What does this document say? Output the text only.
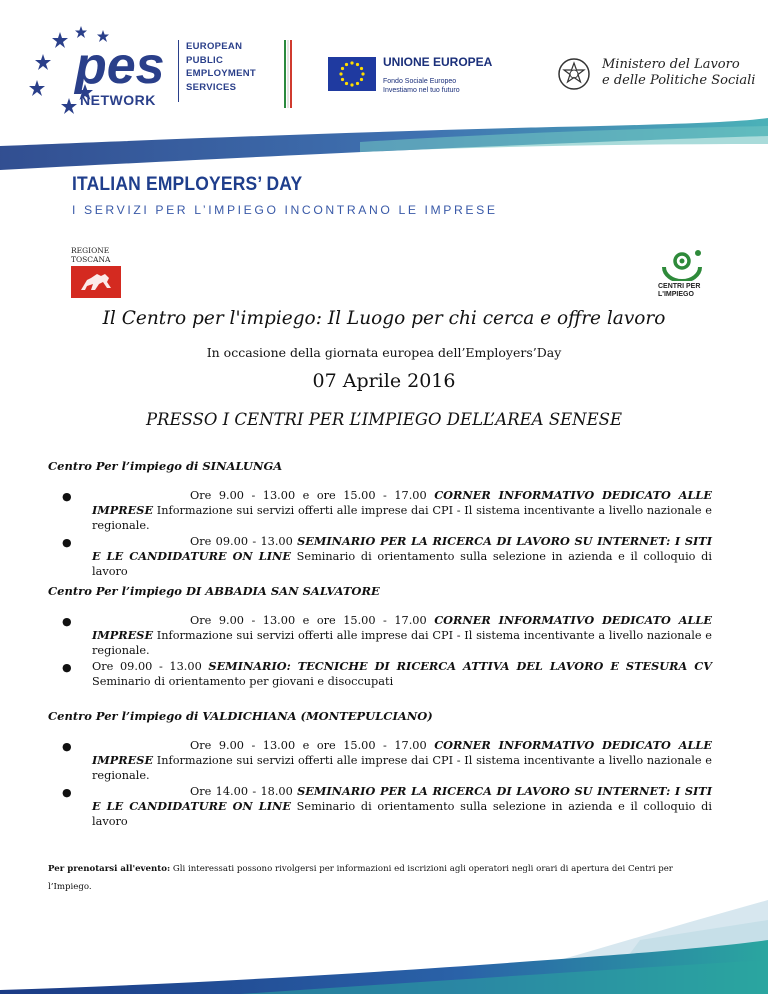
pes
NETWORK
EUROPEAN
PUBLIC
EMPLOYMENT
SERVICES
UNIONE EUROPEA
Fondo Sociale Europeo
Investiamo nel tuo futuro
Ministero del Lavoro
e delle Politiche Sociali
ITALIAN EMPLOYERS’ DAY
I SERVIZI PER L’IMPIEGO INCONTRANO LE IMPRESE
REGIONE
TOSCANA
CENTRI PER
L'IMPIEGO
Il Centro per l'impiego: Il Luogo per chi cerca e offre lavoro
In occasione della giornata europea dell’Employers’Day
07 Aprile 2016
PRESSO I CENTRI PER L’IMPIEGO DELL’AREA SENESE
Centro Per l’impiego di SINALUNGA
●	Ore 9.00 - 13.00 e ore 15.00 - 17.00 CORNER INFORMATIVO DEDICATO ALLE IMPRESE Informazione sui servizi offerti alle imprese dai CPI - Il sistema incentivante a livello nazionale e regionale.
●	Ore 09.00 - 13.00 SEMINARIO PER LA RICERCA DI LAVORO SU INTERNET: I SITI E LE CANDIDATURE ON LINE Seminario di orientamento sulla selezione in azienda e il colloquio di lavoro
Centro Per l’impiego DI ABBADIA SAN SALVATORE
●	Ore 9.00 - 13.00 e ore 15.00 - 17.00 CORNER INFORMATIVO DEDICATO ALLE IMPRESE Informazione sui servizi offerti alle imprese dai CPI - Il sistema incentivante a livello nazionale e regionale.
● Ore 09.00 - 13.00 SEMINARIO: TECNICHE DI RICERCA ATTIVA DEL LAVORO E STESURA CV Seminario di orientamento per giovani e disoccupati
Centro Per l’impiego di VALDICHIANA (MONTEPULCIANO)
●	Ore 9.00 - 13.00 e ore 15.00 - 17.00 CORNER INFORMATIVO DEDICATO ALLE IMPRESE Informazione sui servizi offerti alle imprese dai CPI - Il sistema incentivante a livello nazionale e regionale.
●	Ore 14.00 - 18.00 SEMINARIO PER LA RICERCA DI LAVORO SU INTERNET: I SITI E LE CANDIDATURE ON LINE Seminario di orientamento sulla selezione in azienda e il colloquio di lavoro
Per prenotarsi all'evento: Gli interessati possono rivolgersi per informazioni ed iscrizioni agli operatori negli orari di apertura dei Centri per l’Impiego.
